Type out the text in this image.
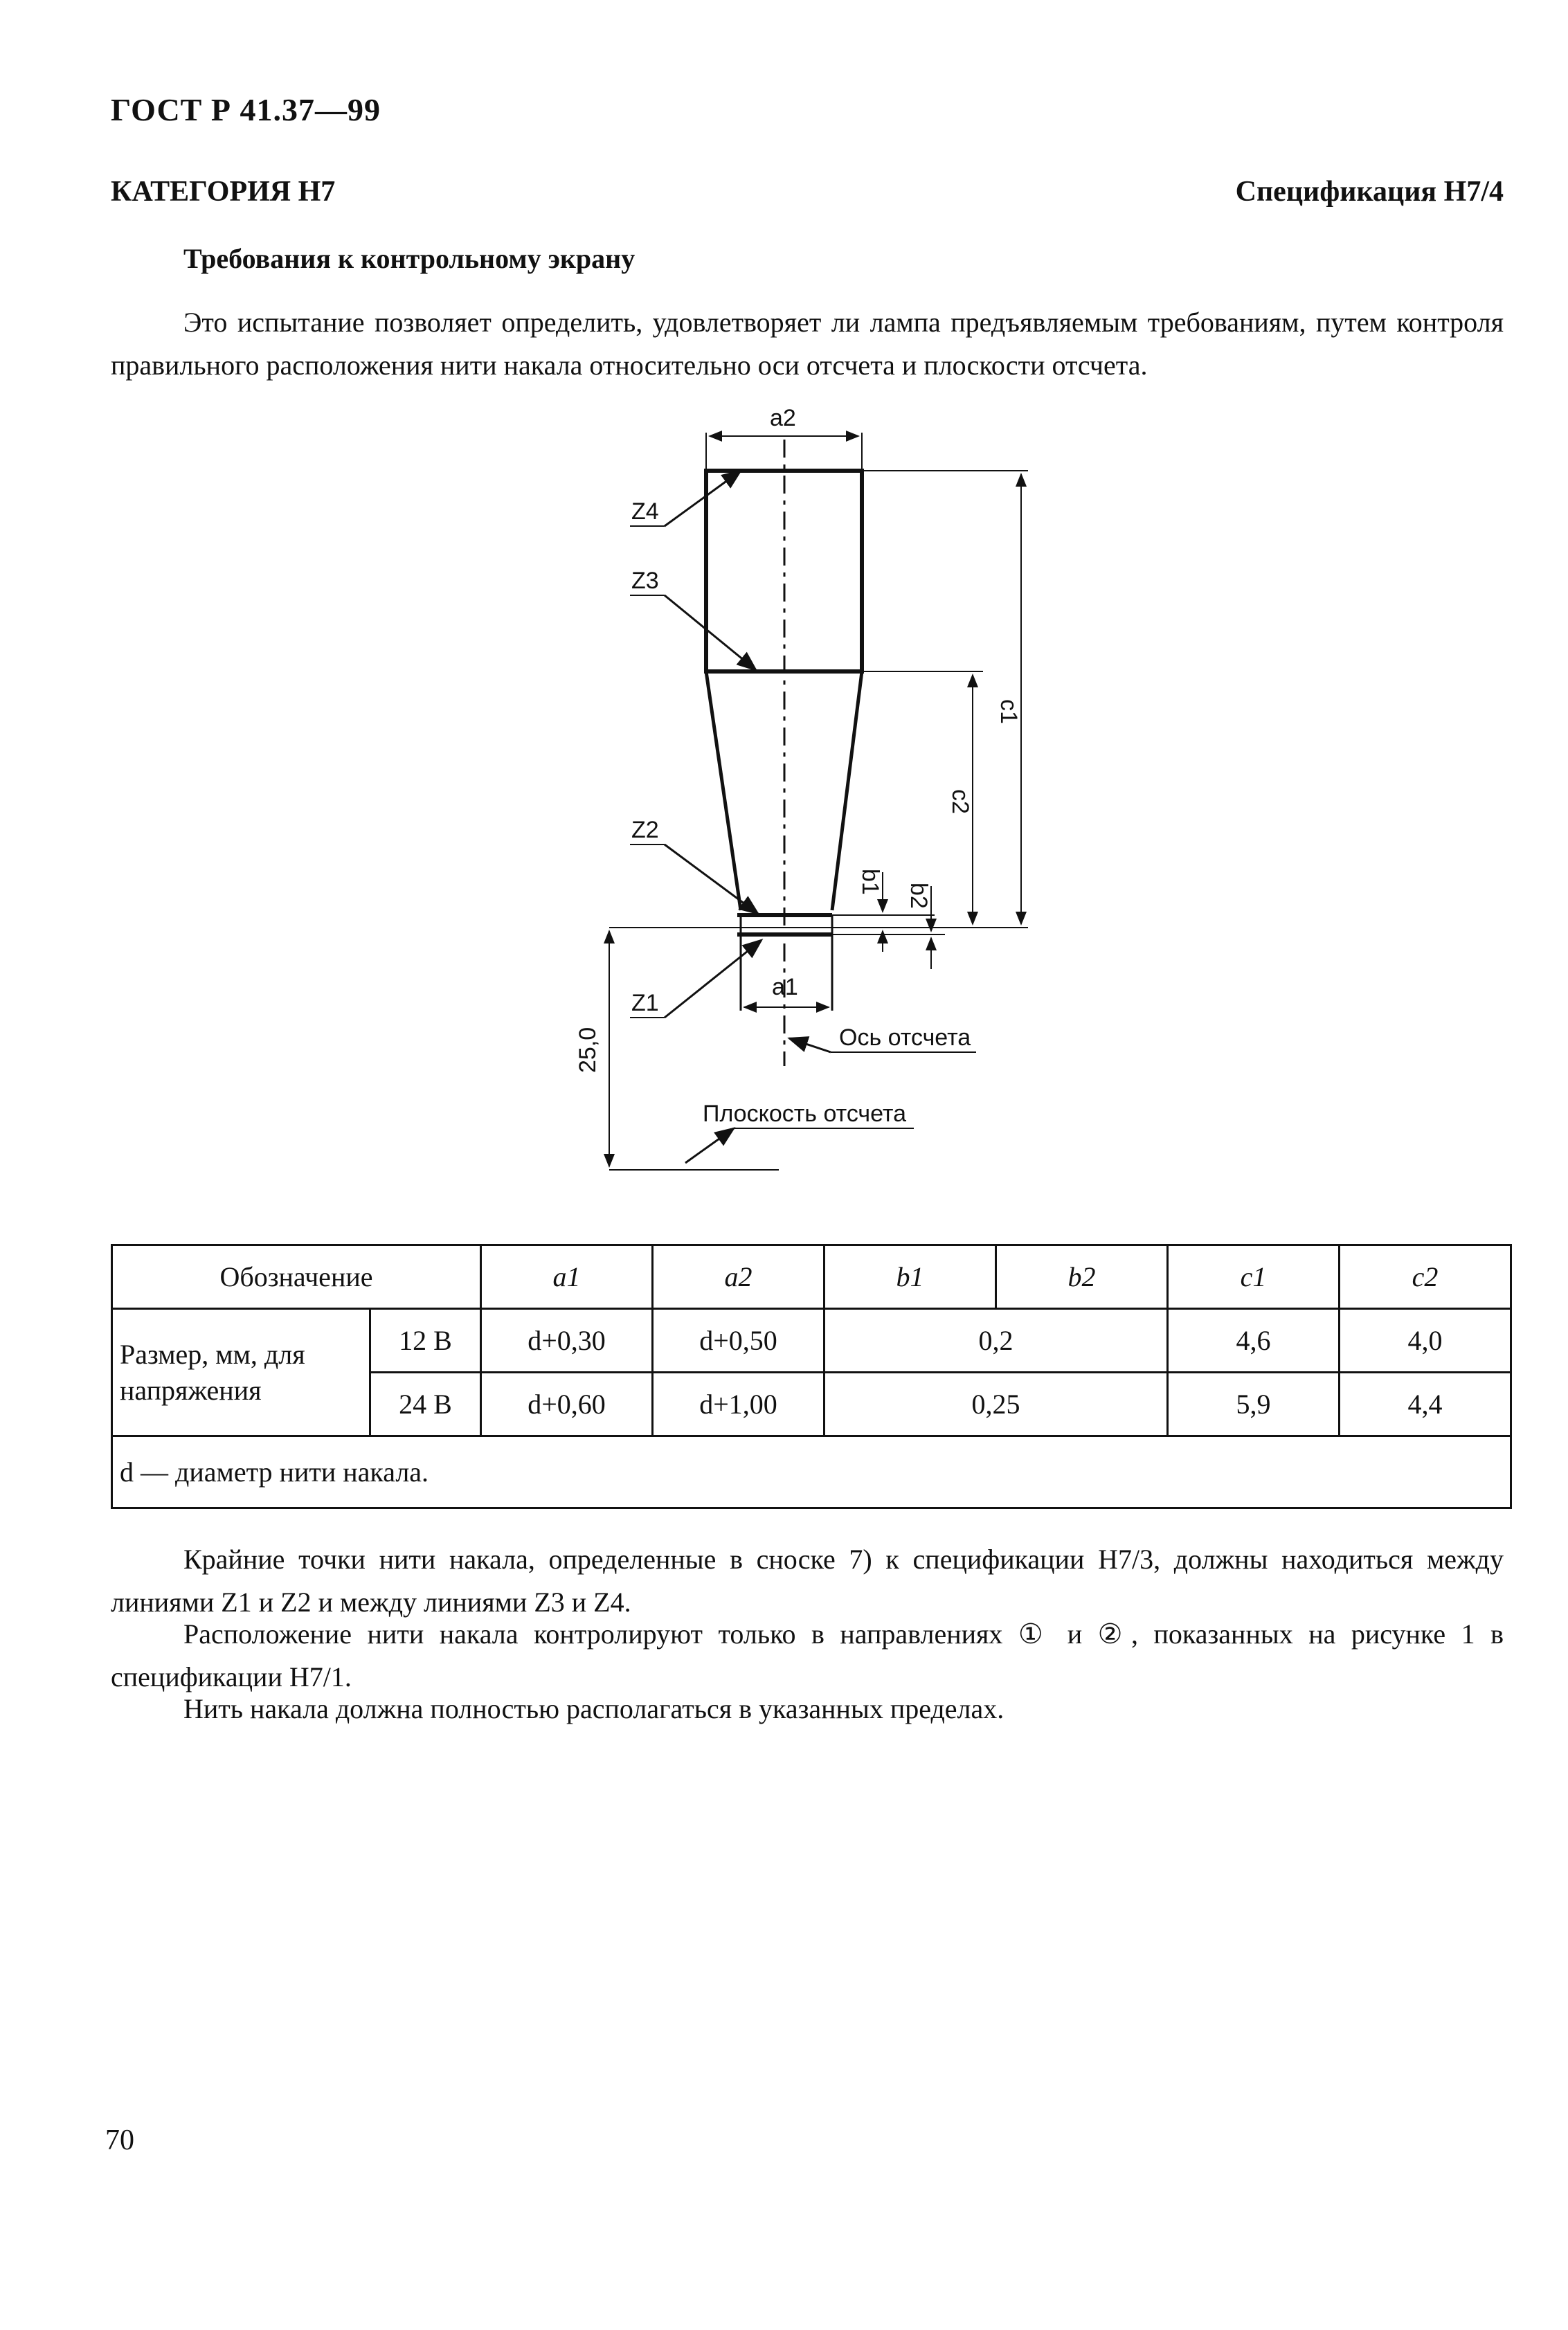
ГОСТ Р 41.37—99
КАТЕГОРИЯ Н7	Спецификация Н7/4
Требования к контрольному экрану
Это испытание позволяет определить, удовлетворяет ли лампа предъявляемым требованиям, путем контроля правильного расположения нити накала относительно оси отсчета и плоскости отсчета.
a2
Z4
Z3
Z2
Z1
a1
c1
c2
b1
b2
25,0	Ось отсчета
Плоскость отсчета
Обозначение		a1	a2	b1	b2	c1	c2
Размер, мм, для напряжения	12 В	d+0,30	d+0,50	0,2		4,6	4,0
	24 В	d+0,60	d+1,00	0,25		5,9	4,4
d — диаметр нити накала.							
Крайние точки нити накала, определенные в сноске 7) к спецификации Н7/3, должны находиться между линиями Z1 и Z2 и между линиями Z3 и Z4.
Расположение нити накала контролируют только в направлениях ① и ②, показанных на рисунке 1 в спецификации Н7/1.
Нить накала должна полностью располагаться в указанных пределах.
70
